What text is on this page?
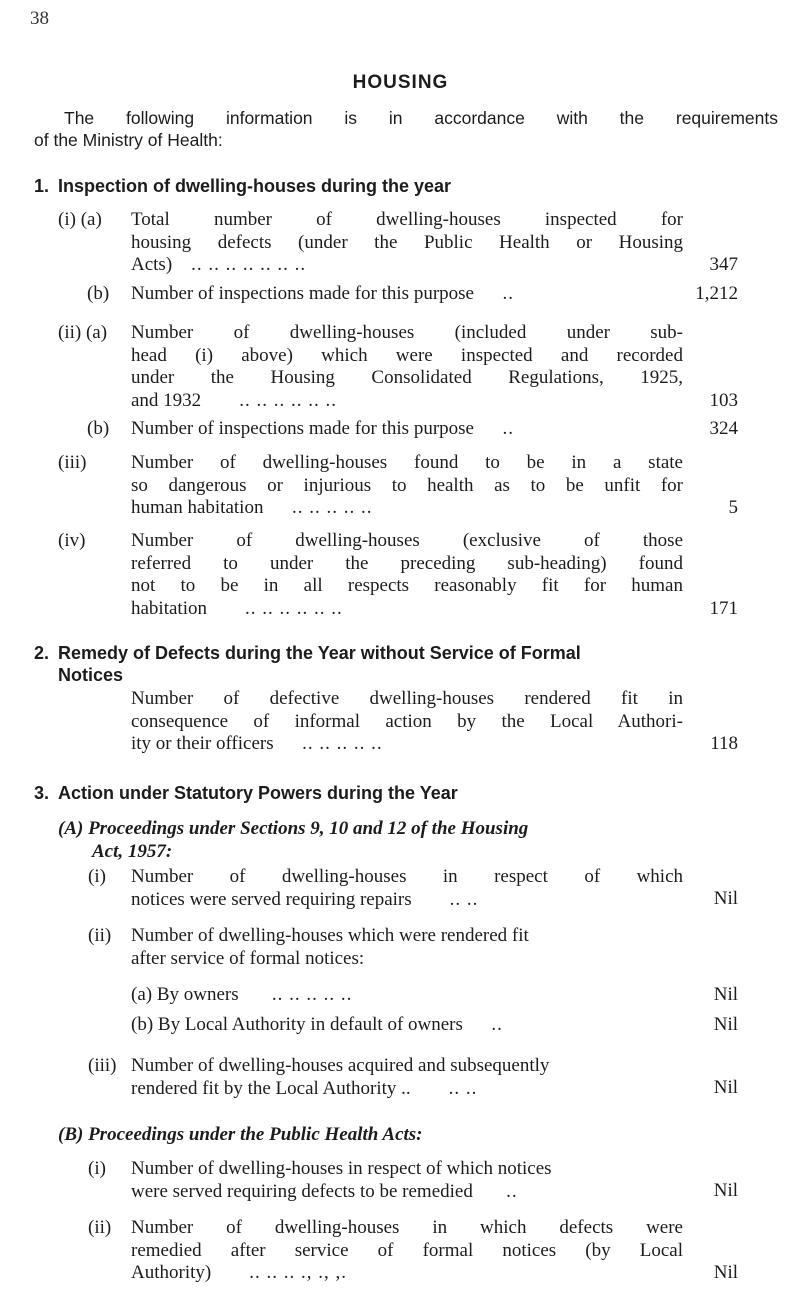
38
HOUSING
The following information is in accordance with the requirements
of the Ministry of Health:
1. Inspection of dwelling-houses during the year
(i) (a) Total number of dwelling-houses inspected for
housing defects (under the Public Health or Housing
Acts) .. .. .. .. .. .. ..	347
(b) Number of inspections made for this purpose ..	1,212
(ii) (a) Number of dwelling-houses (included under sub-
head (i) above) which were inspected and recorded
under the Housing Consolidated Regulations, 1925,
and 1932 .. .. .. .. .. ..	103
(b) Number of inspections made for this purpose ..	324
(iii) Number of dwelling-houses found to be in a state
so dangerous or injurious to health as to be unfit for
human habitation .. .. .. .. ..	5
(iv) Number of dwelling-houses (exclusive of those
referred to under the preceding sub-heading) found
not to be in all respects reasonably fit for human
habitation .. .. .. .. .. ..	171
2. Remedy of Defects during the Year without Service of Formal
Notices
Number of defective dwelling-houses rendered fit in
consequence of informal action by the Local Authori-
ity or their officers .. .. .. .. ..	118
3. Action under Statutory Powers during the Year
(A) Proceedings under Sections 9, 10 and 12 of the Housing
Act, 1957:
(i) Number of dwelling-houses in respect of which
notices were served requiring repairs .. ..	Nil
(ii) Number of dwelling-houses which were rendered fit
after service of formal notices:
(a) By owners .. .. .. .. ..	Nil
(b) By Local Authority in default of owners ..	Nil
(iii) Number of dwelling-houses acquired and subsequently
rendered fit by the Local Authority .. .. ..	Nil
(B) Proceedings under the Public Health Acts:
(i) Number of dwelling-houses in respect of which notices
were served requiring defects to be remedied ..	Nil
(ii) Number of dwelling-houses in which defects were
remedied after service of formal notices (by Local
Authority) .. .. .. ., ., ,.	Nil
